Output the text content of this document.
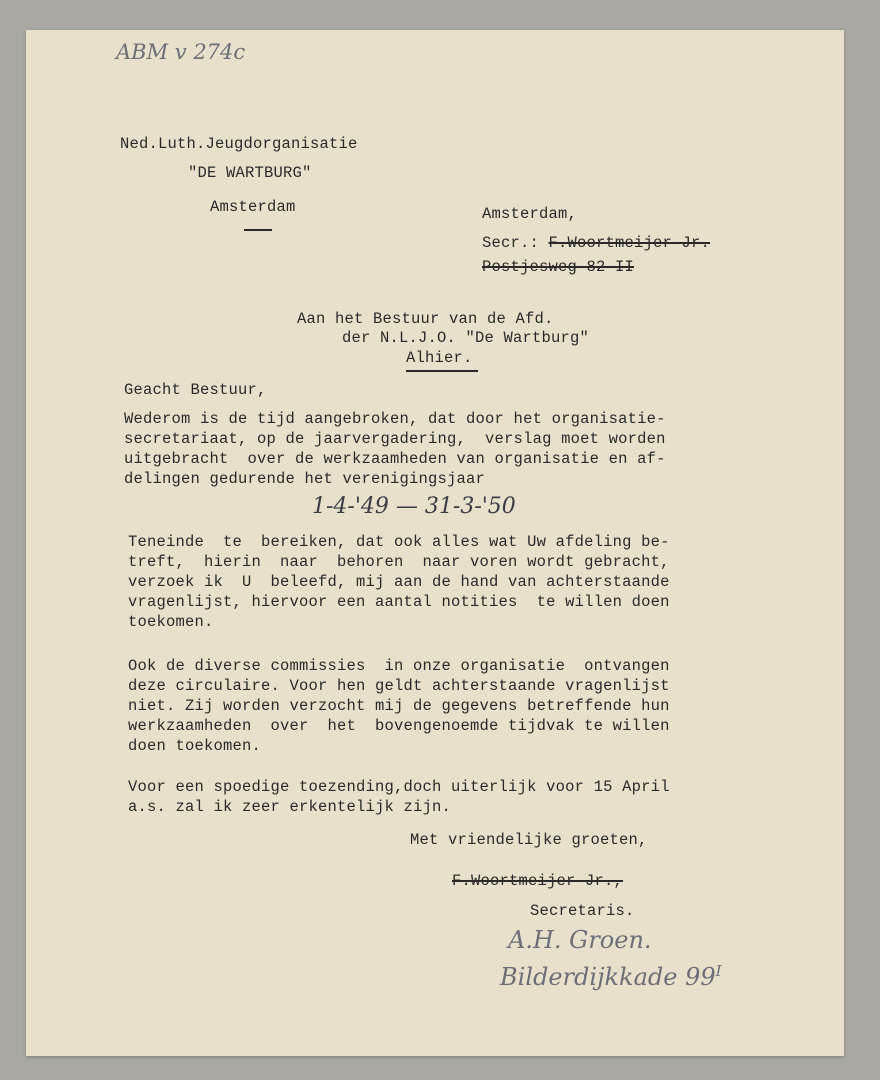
ABM v 274c
Ned.Luth.Jeugdorganisatie
"DE WARTBURG"
Amsterdam	Amsterdam,
Secr.: F.Woortmeijer Jr.
Postjesweg 82-II
Aan het Bestuur van de Afd.
der N.L.J.O. "De Wartburg"
Alhier.
Geacht Bestuur,
Wederom is de tijd aangebroken, dat door het organisatie-
secretariaat, op de jaarvergadering,  verslag moet worden
uitgebracht  over de werkzaamheden van organisatie en af-
delingen gedurende het verenigingsjaar
1-4-'49 — 31-3-'50
Teneinde  te  bereiken, dat ook alles wat Uw afdeling be-
treft,  hierin  naar  behoren  naar voren wordt gebracht,
verzoek ik  U  beleefd, mij aan de hand van achterstaande
vragenlijst, hiervoor een aantal notities  te willen doen
toekomen.
Ook de diverse commissies  in onze organisatie  ontvangen
deze circulaire. Voor hen geldt achterstaande vragenlijst
niet. Zij worden verzocht mij de gegevens betreffende hun
werkzaamheden  over  het  bovengenoemde tijdvak te willen
doen toekomen.
Voor een spoedige toezending,doch uiterlijk voor 15 April
a.s. zal ik zeer erkentelijk zijn.
Met vriendelijke groeten,
F.Woortmeijer Jr.,
Secretaris.
A.H. Groen.
Bilderdijkkade $99^I$
